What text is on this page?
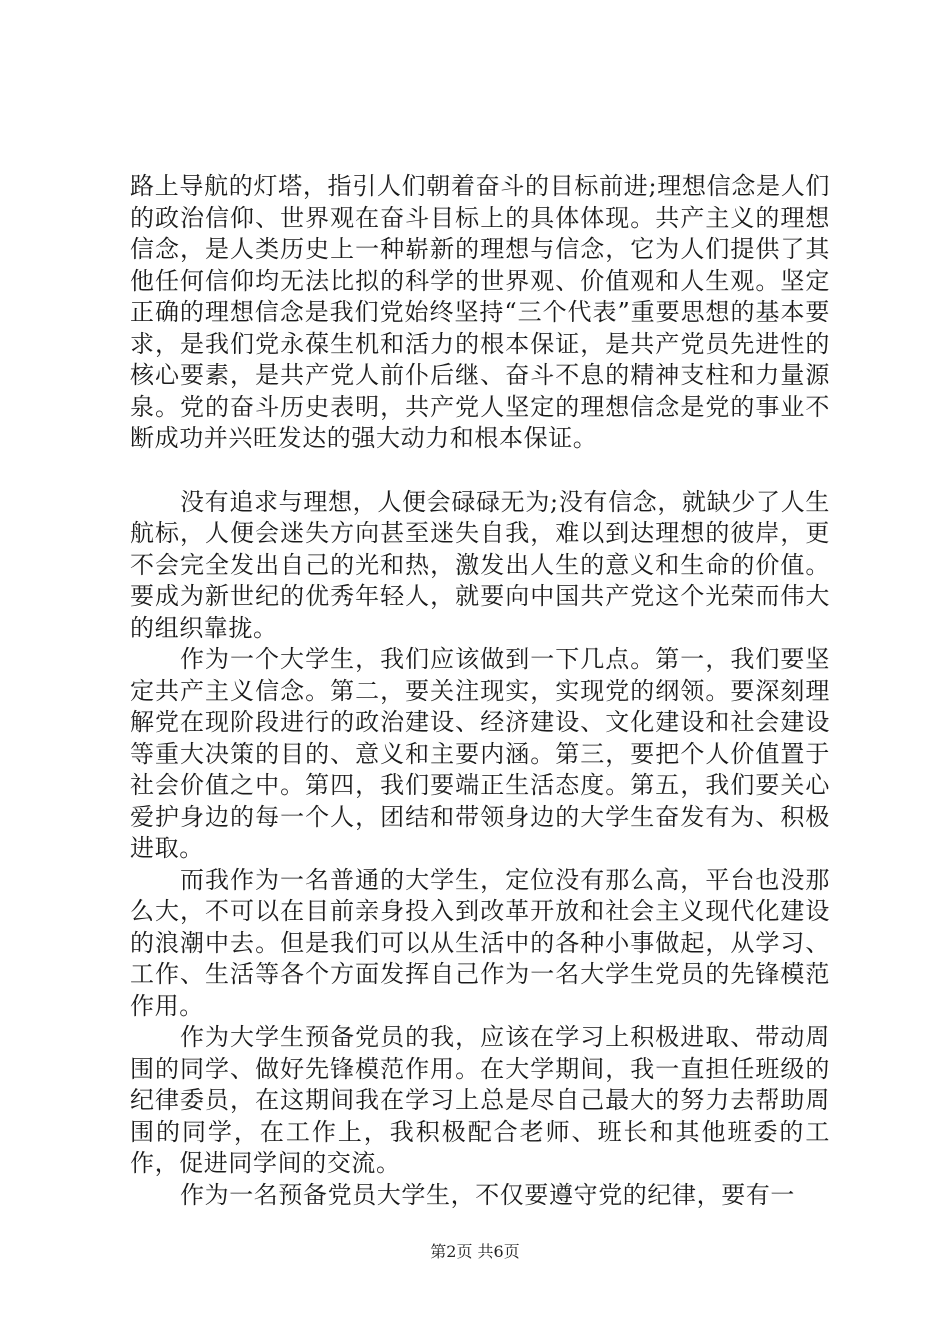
路上导航的灯塔，指引人们朝着奋斗的目标前进;理想信念是人们的政治信仰、世界观在奋斗目标上的具体体现。共产主义的理想信念，是人类历史上一种崭新的理想与信念，它为人们提供了其他任何信仰均无法比拟的科学的世界观、价值观和人生观。坚定正确的理想信念是我们党始终坚持“三个代表”重要思想的基本要求，是我们党永葆生机和活力的根本保证，是共产党员先进性的核心要素，是共产党人前仆后继、奋斗不息的精神支柱和力量源泉。党的奋斗历史表明，共产党人坚定的理想信念是党的事业不断成功并兴旺发达的强大动力和根本保证。

没有追求与理想，人便会碌碌无为;没有信念，就缺少了人生航标，人便会迷失方向甚至迷失自我，难以到达理想的彼岸，更不会完全发出自己的光和热，激发出人生的意义和生命的价值。要成为新世纪的优秀年轻人，就要向中国共产党这个光荣而伟大的组织靠拢。

作为一个大学生，我们应该做到一下几点。第一，我们要坚定共产主义信念。第二，要关注现实，实现党的纲领。要深刻理解党在现阶段进行的政治建设、经济建设、文化建设和社会建设等重大决策的目的、意义和主要内涵。第三，要把个人价值置于社会价值之中。第四，我们要端正生活态度。第五，我们要关心爱护身边的每一个人，团结和带领身边的大学生奋发有为、积极进取。

而我作为一名普通的大学生，定位没有那么高，平台也没那么大，不可以在目前亲身投入到改革开放和社会主义现代化建设的浪潮中去。但是我们可以从生活中的各种小事做起，从学习、工作、生活等各个方面发挥自己作为一名大学生党员的先锋模范作用。

作为大学生预备党员的我，应该在学习上积极进取、带动周围的同学、做好先锋模范作用。在大学期间，我一直担任班级的纪律委员，在这期间我在学习上总是尽自己最大的努力去帮助周围的同学，在工作上，我积极配合老师、班长和其他班委的工作，促进同学间的交流。

作为一名预备党员大学生，不仅要遵守党的纪律，要有一

第2页 共6页
